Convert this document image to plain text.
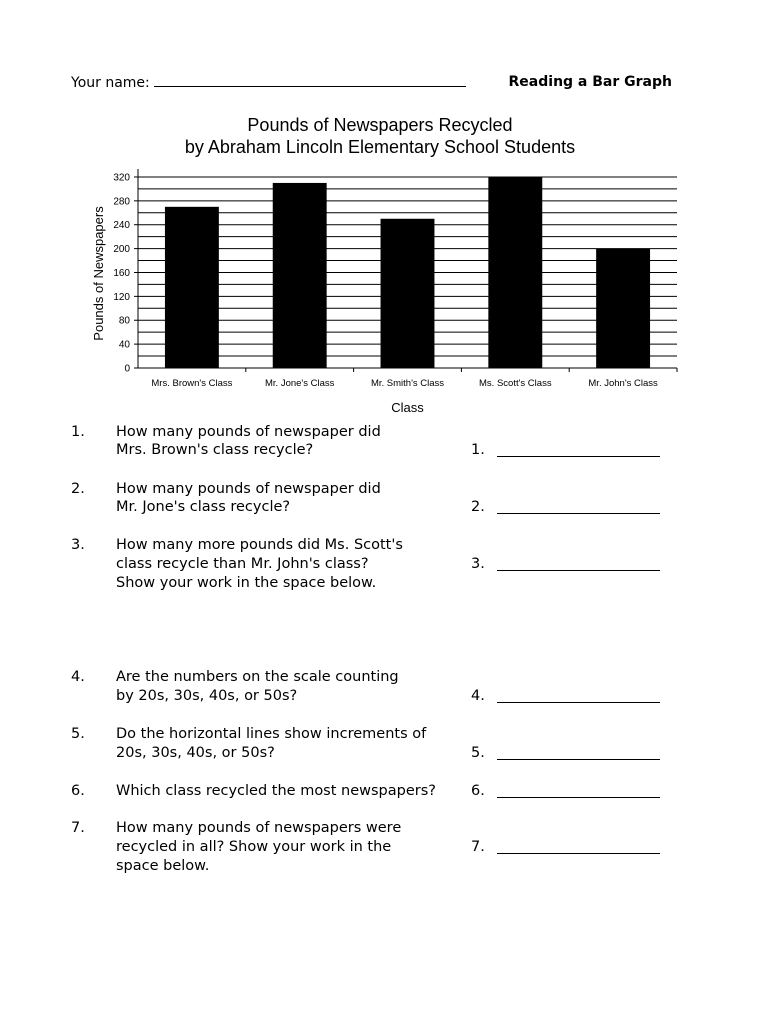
Your name:	Reading a Bar Graph
Pounds of Newspapers Recycled
by Abraham Lincoln Elementary School Students
0
40
80
120
160
200
240
280
320
Mrs. Brown's Class	Mr. Jone's Class	Mr. Smith's Class	Ms. Scott's Class	Mr. John's Class
Class
Pounds of Newspapers
1. How many pounds of newspaper did
Mrs. Brown's class recycle?	1.
2. How many pounds of newspaper did
Mr. Jone's class recycle?	2.
3. How many more pounds did Ms. Scott's
class recycle than Mr. John's class?
Show your work in the space below.
3.
4. Are the numbers on the scale counting
by 20s, 30s, 40s, or 50s?	4.
5. Do the horizontal lines show increments of
20s, 30s, 40s, or 50s?	5.
6. Which class recycled the most newspapers?	6.
7. How many pounds of newspapers were
recycled in all? Show your work in the
space below.
7.
